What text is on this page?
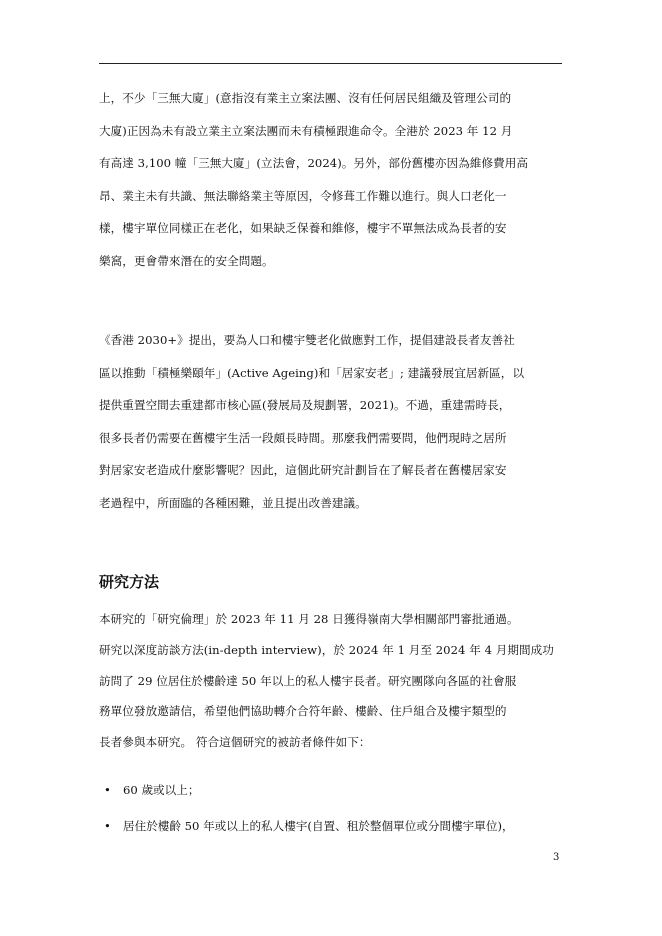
上，不少「三無大廈」(意指沒有業主立案法團、沒有任何居民組織及管理公司的
大廈)正因為未有設立業主立案法團而未有積極跟進命令。全港於 2023 年 12 月
有高達 3,100 幢「三無大廈」(立法會，2024)。另外，部份舊樓亦因為維修費用高
昂、業主未有共識、無法聯絡業主等原因，令修葺工作難以進行。與人口老化一
樣，樓宇單位同樣正在老化，如果缺乏保養和維修，樓宇不單無法成為長者的安
樂窩，更會帶來潛在的安全問題。
《香港 2030+》提出，要為人口和樓宇雙老化做應對工作，提倡建設長者友善社
區以推動「積極樂頤年」(Active Ageing)和「居家安老」; 建議發展宜居新區，以
提供重置空間去重建都市核心區(發展局及規劃署，2021)。不過，重建需時長，
很多長者仍需要在舊樓宇生活一段頗長時間。那麼我們需要問，他們現時之居所
對居家安老造成什麼影響呢？因此，這個此研究計劃旨在了解長者在舊樓居家安
老過程中，所面臨的各種困難，並且提出改善建議。
研究方法
本研究的「研究倫理」於 2023 年 11 月 28 日獲得嶺南大學相關部門審批通過。
研究以深度訪談方法(in-depth interview)，於 2024 年 1 月至 2024 年 4 月期間成功
訪問了 29 位居住於樓齡達 50 年以上的私人樓宇長者。研究團隊向各區的社會服
務單位發放邀請信，希望他們協助轉介合符年齡、樓齡、住戶組合及樓宇類型的
長者參與本研究。 符合這個研究的被訪者條件如下：
• 60 歲或以上；
• 居住於樓齡 50 年或以上的私人樓宇(自置、租於整個單位或分間樓宇單位)，
3
